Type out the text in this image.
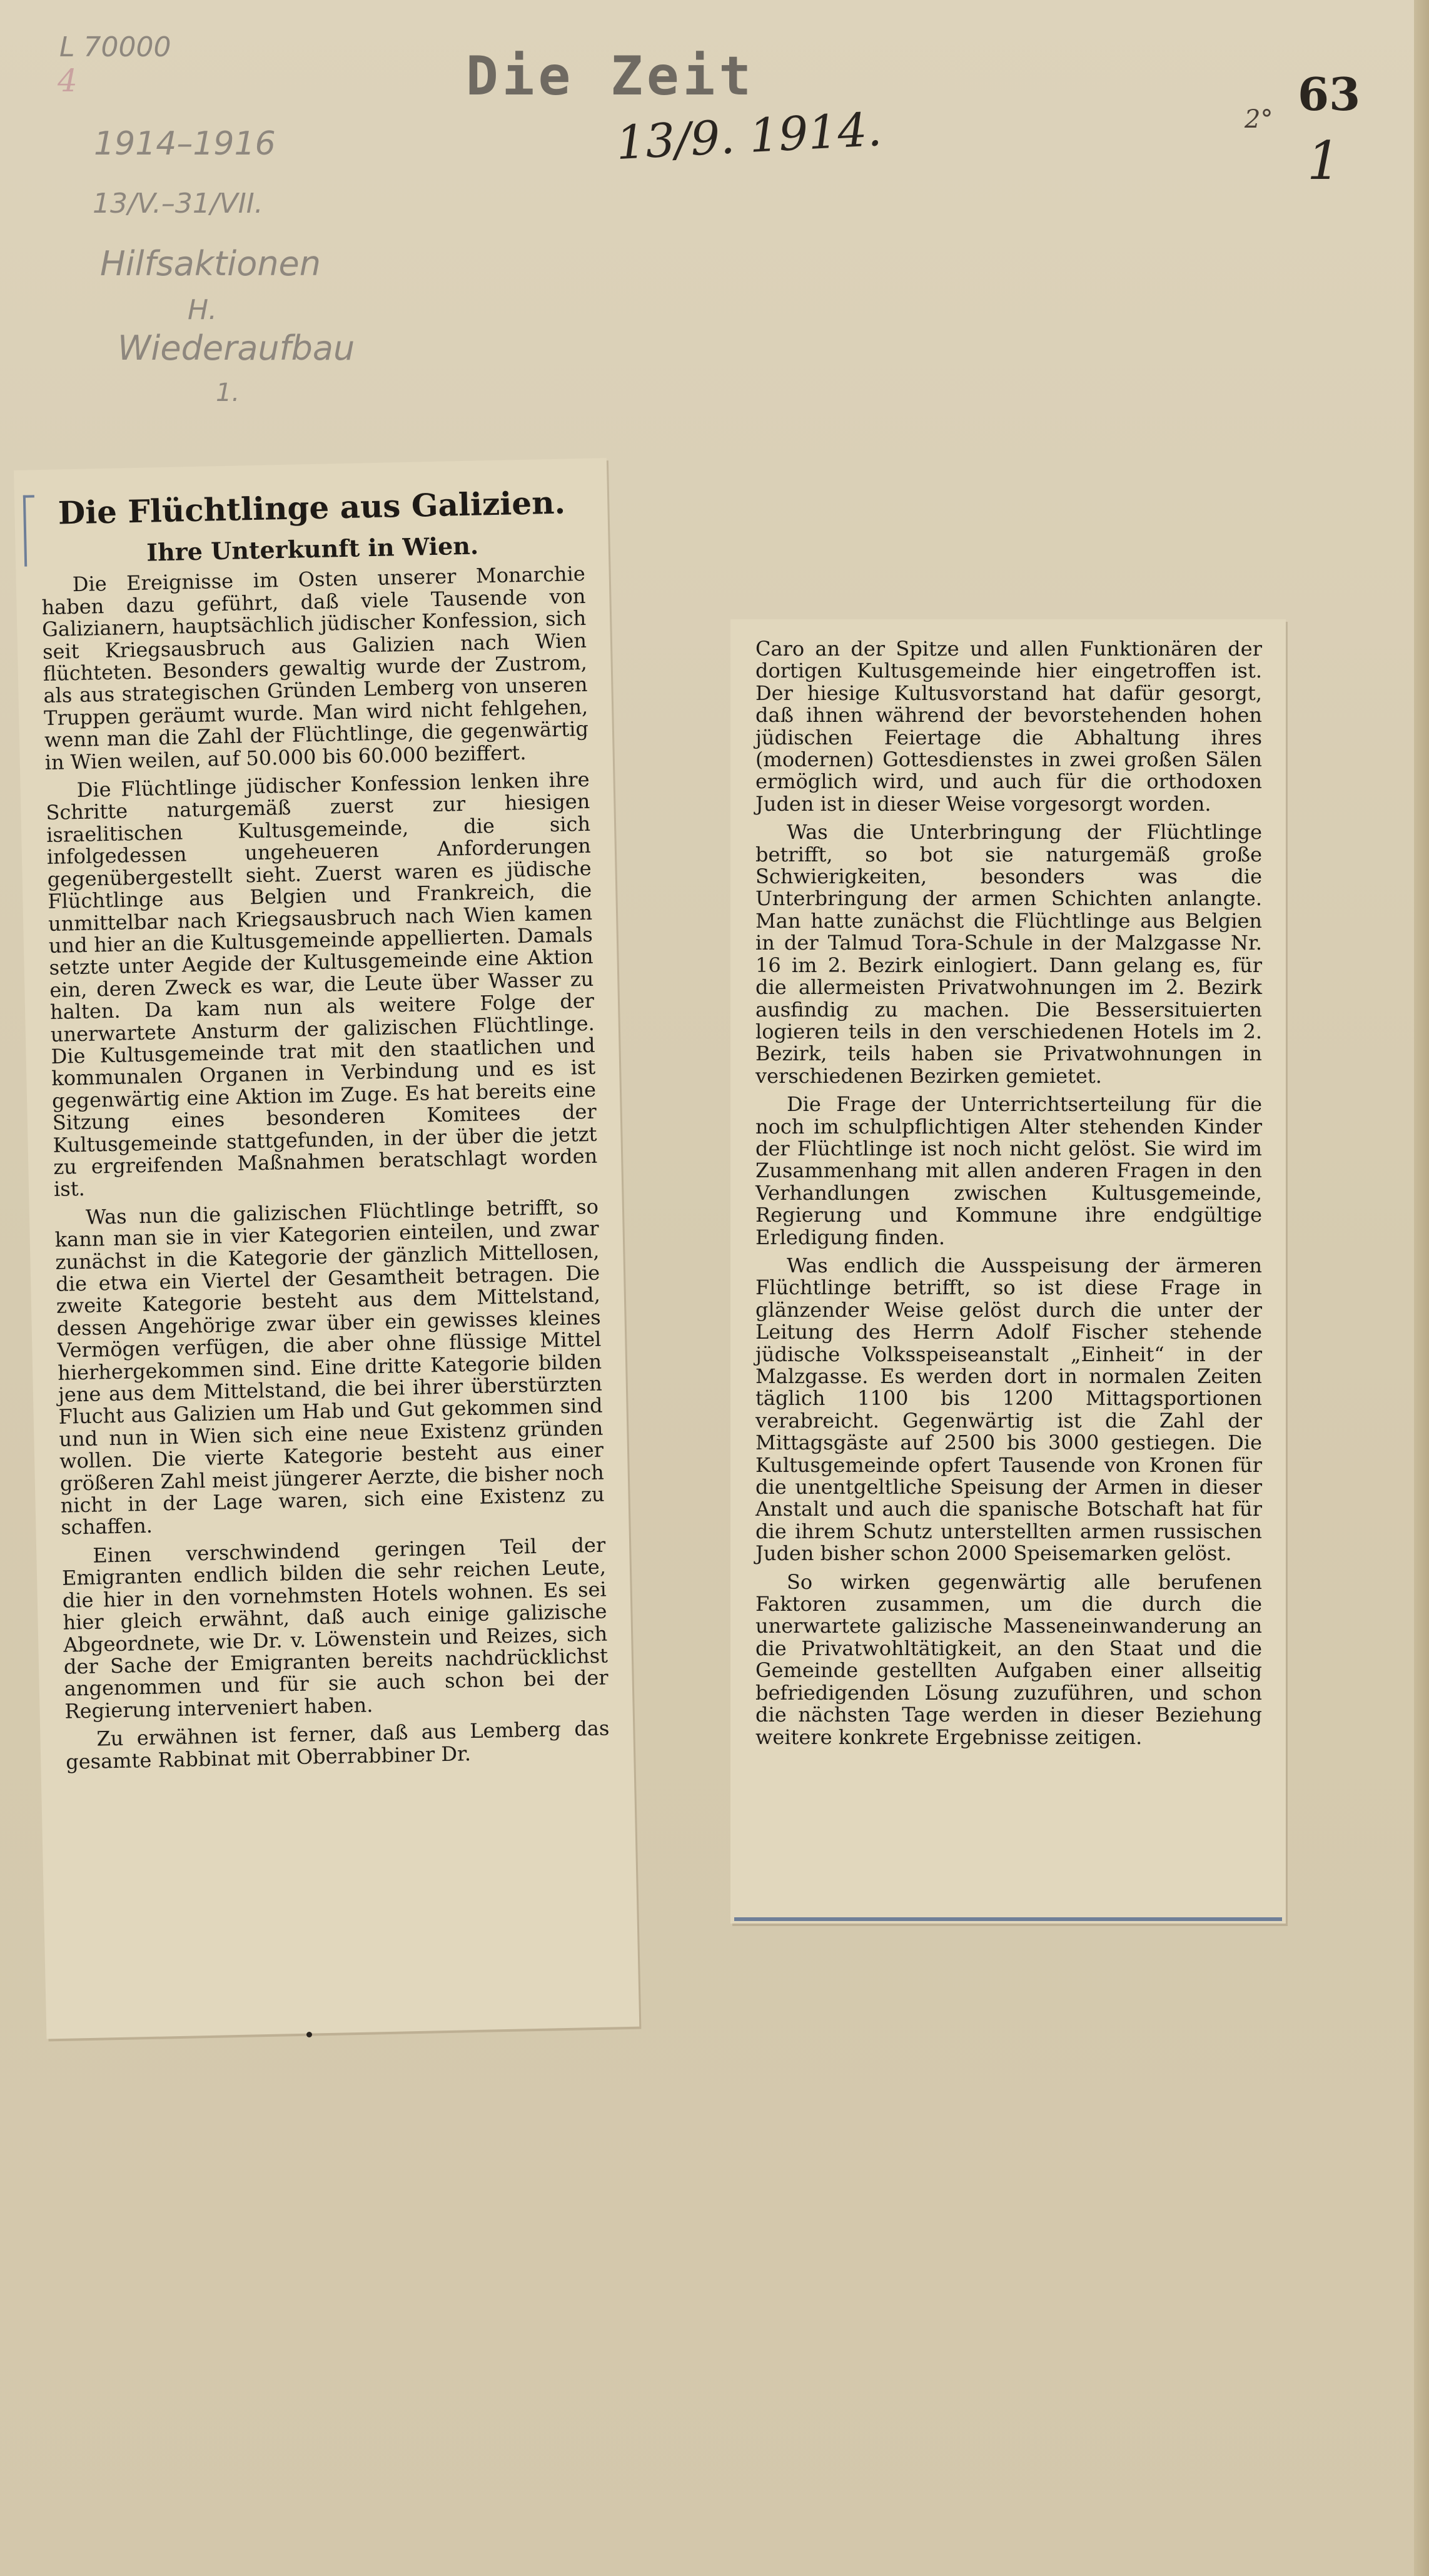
4
L 70000
1914–1916
13/V.–31/VII.
Hilfsaktionen
H.
Wiederaufbau
1.
Die Zeit
13/9. 1914.
63
2°
1
Die Flüchtlinge aus Galizien.
Ihre Unterkunft in Wien.

Die Ereignisse im Osten unserer Monarchie haben dazu geführt, daß viele Tausende von Galizianern, hauptsächlich jüdischer Konfession, sich seit Kriegsausbruch aus Galizien nach Wien flüchteten. Besonders gewaltig wurde der Zustrom, als aus strategischen Gründen Lemberg von unseren Truppen geräumt wurde. Man wird nicht fehlgehen, wenn man die Zahl der Flüchtlinge, die gegenwärtig in Wien weilen, auf 50.000 bis 60.000 beziffert.

Die Flüchtlinge jüdischer Konfession lenken ihre Schritte naturgemäß zuerst zur hiesigen israelitischen Kultusgemeinde, die sich infolgedessen ungeheueren Anforderungen gegenübergestellt sieht. Zuerst waren es jüdische Flüchtlinge aus Belgien und Frankreich, die unmittelbar nach Kriegsausbruch nach Wien kamen und hier an die Kultusgemeinde appellierten. Damals setzte unter Aegide der Kultusgemeinde eine Aktion ein, deren Zweck es war, die Leute über Wasser zu halten. Da kam nun als weitere Folge der unerwartete Ansturm der galizischen Flüchtlinge. Die Kultusgemeinde trat mit den staatlichen und kommunalen Organen in Verbindung und es ist gegenwärtig eine Aktion im Zuge. Es hat bereits eine Sitzung eines besonderen Komitees der Kultusgemeinde stattgefunden, in der über die jetzt zu ergreifenden Maßnahmen beratschlagt worden ist.

Was nun die galizischen Flüchtlinge betrifft, so kann man sie in vier Kategorien einteilen, und zwar zunächst in die Kategorie der gänzlich Mittellosen, die etwa ein Viertel der Gesamtheit betragen. Die zweite Kategorie besteht aus dem Mittelstand, dessen Angehörige zwar über ein gewisses kleines Vermögen verfügen, die aber ohne flüssige Mittel hierhergekommen sind. Eine dritte Kategorie bilden jene aus dem Mittelstand, die bei ihrer überstürzten Flucht aus Galizien um Hab und Gut gekommen sind und nun in Wien sich eine neue Existenz gründen wollen. Die vierte Kategorie besteht aus einer größeren Zahl meist jüngerer Aerzte, die bisher noch nicht in der Lage waren, sich eine Existenz zu schaffen.

Einen verschwindend geringen Teil der Emigranten endlich bilden die sehr reichen Leute, die hier in den vornehmsten Hotels wohnen. Es sei hier gleich erwähnt, daß auch einige galizische Abgeordnete, wie Dr. v. Löwenstein und Reizes, sich der Sache der Emigranten bereits nachdrücklichst angenommen und für sie auch schon bei der Regierung interveniert haben.

Zu erwähnen ist ferner, daß aus Lemberg das gesamte Rabbinat mit Oberrabbiner Dr.

Caro an der Spitze und allen Funktionären der dortigen Kultusgemeinde hier eingetroffen ist. Der hiesige Kultusvorstand hat dafür gesorgt, daß ihnen während der bevorstehenden hohen jüdischen Feiertage die Abhaltung ihres (modernen) Gottesdienstes in zwei großen Sälen ermöglich wird, und auch für die orthodoxen Juden ist in dieser Weise vorgesorgt worden.

Was die Unterbringung der Flüchtlinge betrifft, so bot sie naturgemäß große Schwierigkeiten, besonders was die Unterbringung der armen Schichten anlangte. Man hatte zunächst die Flüchtlinge aus Belgien in der Talmud Tora-Schule in der Malzgasse Nr. 16 im 2. Bezirk einlogiert. Dann gelang es, für die allermeisten Privatwohnungen im 2. Bezirk ausfindig zu machen. Die Bessersituierten logieren teils in den verschiedenen Hotels im 2. Bezirk, teils haben sie Privatwohnungen in verschiedenen Bezirken gemietet.

Die Frage der Unterrichtserteilung für die noch im schulpflichtigen Alter stehenden Kinder der Flüchtlinge ist noch nicht gelöst. Sie wird im Zusammenhang mit allen anderen Fragen in den Verhandlungen zwischen Kultusgemeinde, Regierung und Kommune ihre endgültige Erledigung finden.

Was endlich die Ausspeisung der ärmeren Flüchtlinge betrifft, so ist diese Frage in glänzender Weise gelöst durch die unter der Leitung des Herrn Adolf Fischer stehende jüdische Volksspeiseanstalt „Einheit“ in der Malzgasse. Es werden dort in normalen Zeiten täglich 1100 bis 1200 Mittagsportionen verabreicht. Gegenwärtig ist die Zahl der Mittagsgäste auf 2500 bis 3000 gestiegen. Die Kultusgemeinde opfert Tausende von Kronen für die unentgeltliche Speisung der Armen in dieser Anstalt und auch die spanische Botschaft hat für die ihrem Schutz unterstellten armen russischen Juden bisher schon 2000 Speisemarken gelöst.

So wirken gegenwärtig alle berufenen Faktoren zusammen, um die durch die unerwartete galizische Masseneinwanderung an die Privatwohltätigkeit, an den Staat und die Gemeinde gestellten Aufgaben einer allseitig befriedigenden Lösung zuzuführen, und schon die nächsten Tage werden in dieser Beziehung weitere konkrete Ergebnisse zeitigen.
